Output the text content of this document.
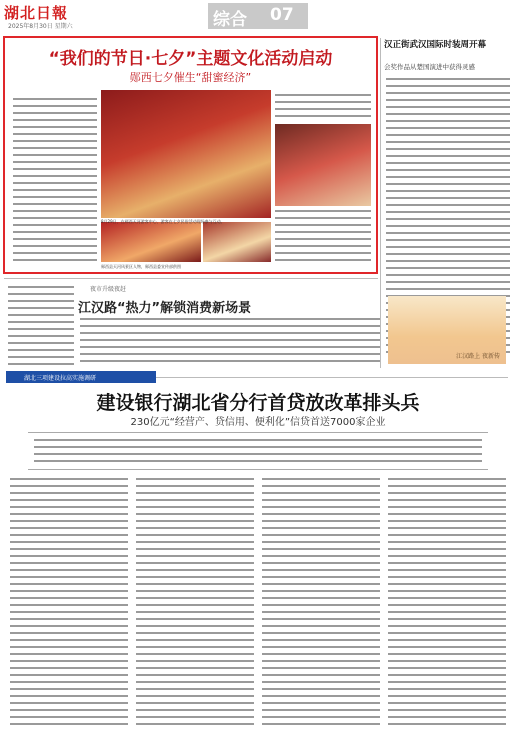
湖北日報
2025年8月30日 星期六	综合 07
“我们的节日·七夕”主题文化活动启动
郧西七夕催生“甜蜜经济”
8月29日，在郧西天河游客中心，游客在七夕民俗活动现场参与互动。
郧西县天河风景区人物，郧西县委宣传部供图
汉正街武汉国际时装周开幕
会奖作品从楚国演进中获得灵感
夜市升级夜赶
江汉路“热力”解锁消费新场景
江汉路上 夜新传
湖北三项建设拉高实施调研
建设银行湖北省分行首贷放改革排头兵
230亿元“经营产、贷信用、便利化”信贷首送7000家企业
